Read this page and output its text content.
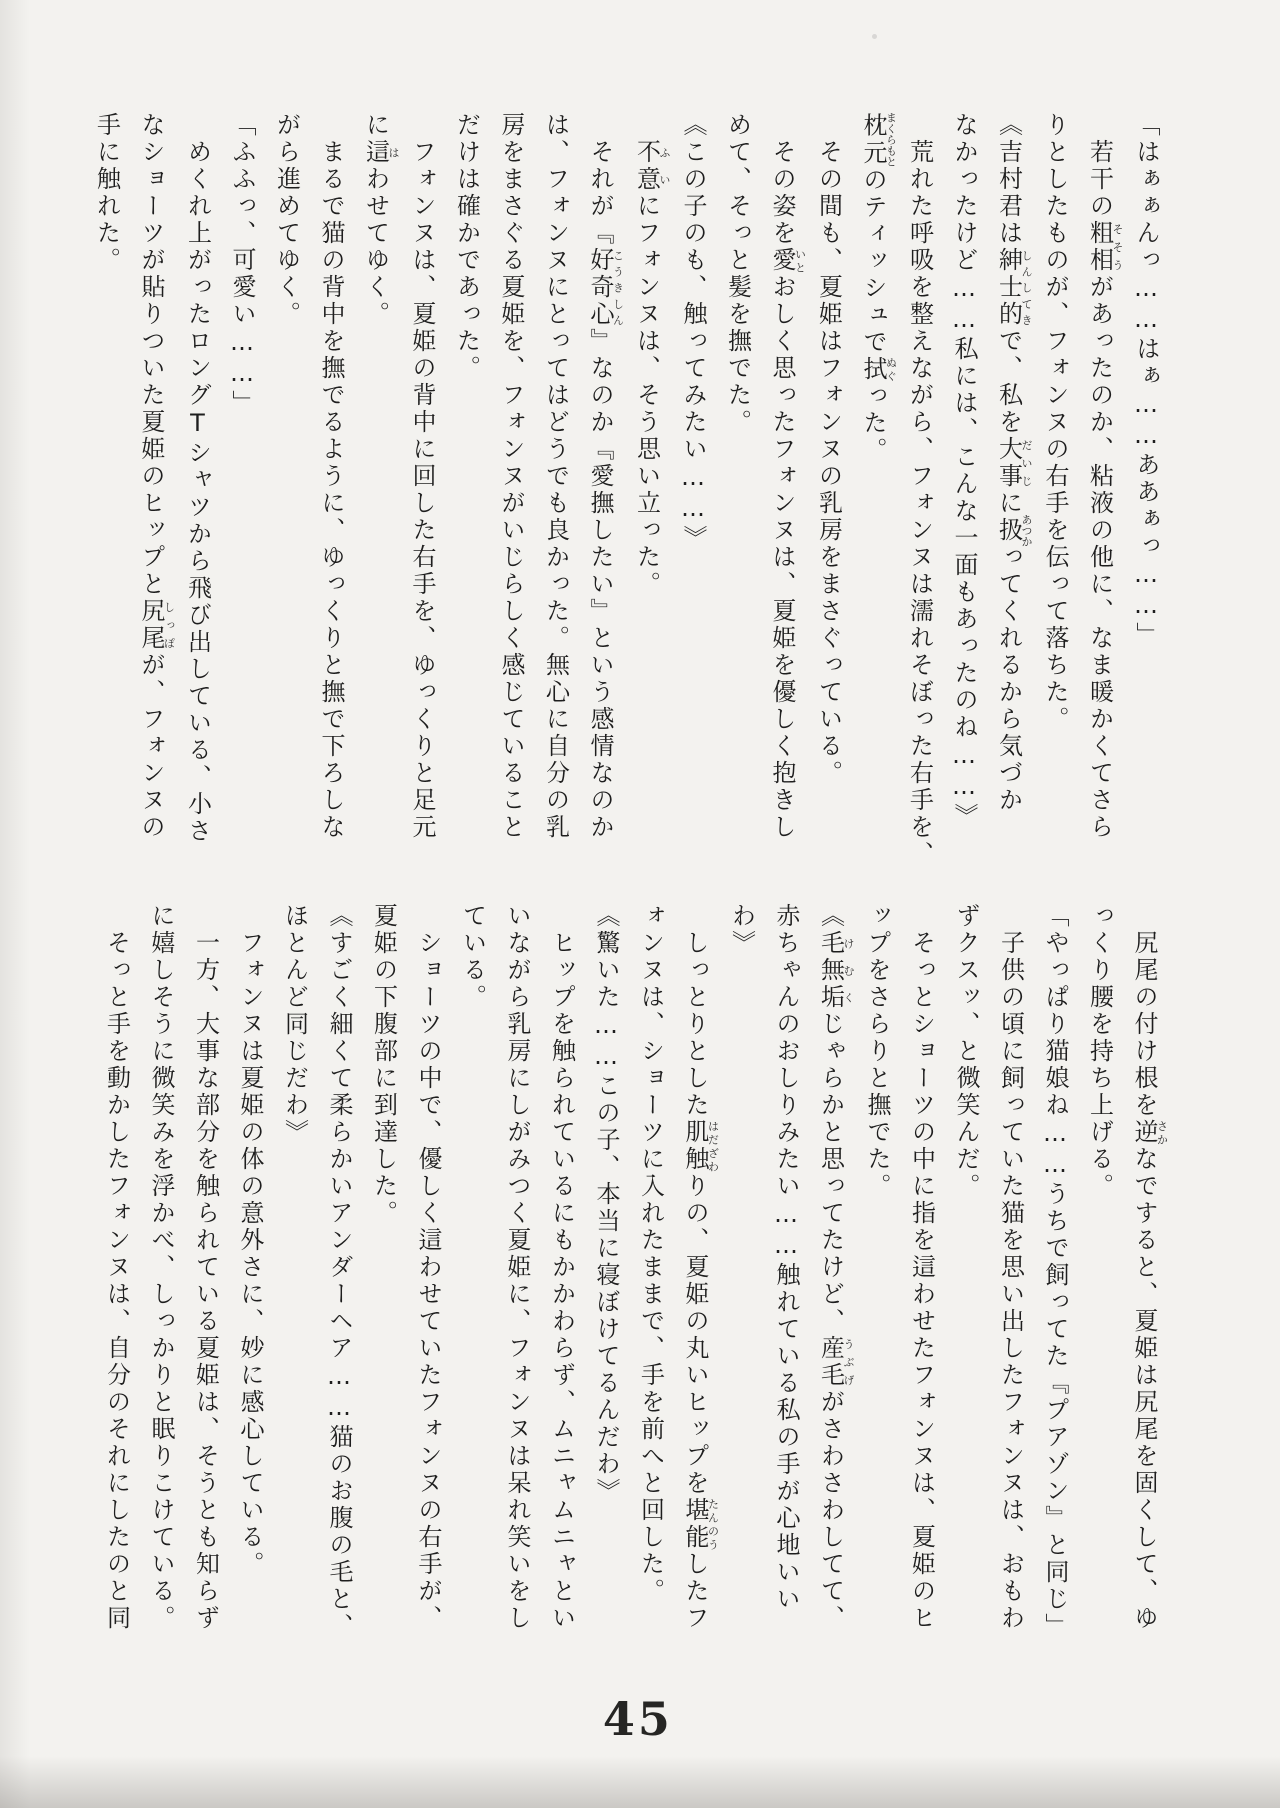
「はぁぁんっ……はぁ……ああぁっ……」

若干の粗相そそうがあったのか、粘液の他に、なま暖かくてさら

りとしたものが、フォンヌの右手を伝って落ちた。

《吉村君は紳士的しんしてきで、私を大事だいじに扱あつかってくれるから気づか

なかったけど……私には、こんな一面もあったのね……》

荒れた呼吸を整えながら、フォンヌは濡れそぼった右手を、

枕元まくらもとのティッシュで拭ぬぐった。

その間も、夏姫はフォンヌの乳房をまさぐっている。

その姿を愛いとおしく思ったフォンヌは、夏姫を優しく抱きし

めて、そっと髪を撫でた。

《この子のも、触ってみたい……》

不意ふいにフォンヌは、そう思い立った。

それが『好奇心こうきしん』なのか『愛撫したい』という感情なのか

は、フォンヌにとってはどうでも良かった。無心に自分の乳

房をまさぐる夏姫を、フォンヌがいじらしく感じていること

だけは確かであった。

フォンヌは、夏姫の背中に回した右手を、ゆっくりと足元

に這はわせてゆく。

まるで猫の背中を撫でるように、ゆっくりと撫で下ろしな

がら進めてゆく。

「ふふっ、可愛い……」

めくれ上がったロングTシャツから飛び出している、小さ

なショーツが貼りついた夏姫のヒップと尻尾しっぽが、フォンヌの

手に触れた。

尻尾の付け根を逆さかなですると、夏姫は尻尾を固くして、ゆ

っくり腰を持ち上げる。

「やっぱり猫娘ね……うちで飼ってた『プアゾン』と同じ」

子供の頃に飼っていた猫を思い出したフォンヌは、おもわ

ずクスッ、と微笑んだ。

そっとショーツの中に指を這わせたフォンヌは、夏姫のヒ

ップをさらりと撫でた。

《毛無垢けむくじゃらかと思ってたけど、産毛うぶげがさわさわしてて、

赤ちゃんのおしりみたい……触れている私の手が心地いい

わ》

しっとりとした肌触はだざわりの、夏姫の丸いヒップを堪能たんのうしたフ

ォンヌは、ショーツに入れたままで、手を前へと回した。

《驚いた……この子、本当に寝ぼけてるんだわ》

ヒップを触られているにもかかわらず、ムニャムニャとい

いながら乳房にしがみつく夏姫に、フォンヌは呆れ笑いをし

ている。

ショーツの中で、優しく這わせていたフォンヌの右手が、

夏姫の下腹部に到達した。

《すごく細くて柔らかいアンダーヘア……猫のお腹の毛と、

ほとんど同じだわ》

フォンヌは夏姫の体の意外さに、妙に感心している。

一方、大事な部分を触られている夏姫は、そうとも知らず

に嬉しそうに微笑みを浮かべ、しっかりと眠りこけている。

そっと手を動かしたフォンヌは、自分のそれにしたのと同

45
